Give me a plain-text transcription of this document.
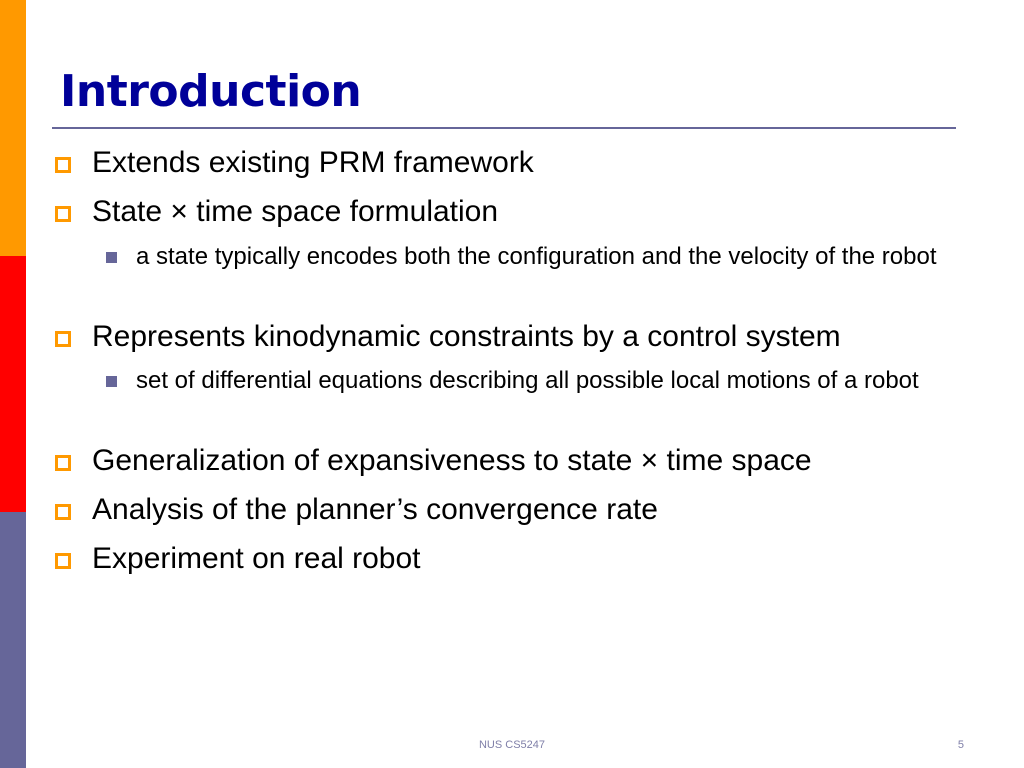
Introduction
Extends existing PRM framework
State × time space formulation
a state typically encodes both the configuration and the velocity of the robot
Represents kinodynamic constraints by a control system
set of differential equations describing all possible local motions of a robot
Generalization of expansiveness to state × time space
Analysis of the planner’s convergence rate
Experiment on real robot
NUS CS5247	5
